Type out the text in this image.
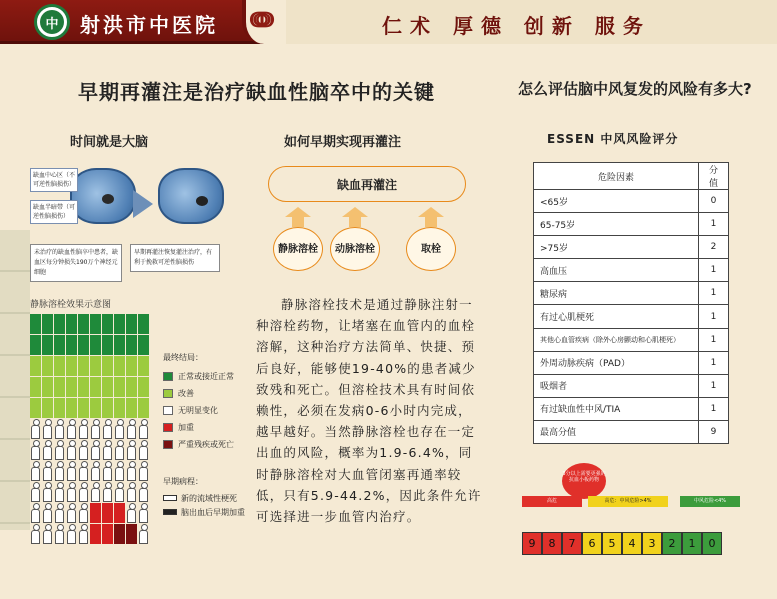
中 射洪市中医院 ↈ	仁术 厚德 创新 服务
早期再灌注是治疗缺血性脑卒中的关键
时间就是大脑	如何早期实现再灌注
缺血中心区（不可逆性脑损伤）
缺血半暗带（可逆性脑损伤）
未治疗的缺血性脑卒中患者，缺血区每分钟损失190万个神经元细胞
早期再灌注恢复灌注治疗，有利于挽救可逆性脑损伤
静脉溶栓效果示意图
最终结局：
正常或接近正常
改善
无明显变化
加重
严重残疾或死亡
早期病程：
新的流域性梗死
脑出血后早期加重
缺血再灌注
静脉溶栓	动脉溶栓	取栓
静脉溶栓技术是通过静脉注射一种溶栓药物，让堵塞在血管内的血栓溶解，这种治疗方法简单、快捷、预后良好，能够使19-40%的患者减少致残和死亡。但溶栓技术具有时间依赖性，必须在发病0-6小时内完成，越早越好。当然静脉溶栓也存在一定出血的风险，概率为1.9-6.4%，同时静脉溶栓对大血管闭塞再通率较低，只有5.9-44.2%，因此条件允许可选择进一步血管内治疗。
怎么评估脑中风复发的风险有多大?
ESSEN 中风风险评分
危险因素	分值
<65岁	0
65-75岁	1
>75岁	2
高血压	1
糖尿病	1
有过心肌梗死	1
其他心血管疾病（除外心房颤动和心肌梗死）	1
外周动脉疾病（PAD）	1
吸烟者	1
有过缺血性中风/TIA	1
最高分值	9
3分以上需要更强的抗血小板药物
高危	高危：中风危险>4%	中风危险<4%
9	8	7	6	5	4	3	2	1	0
